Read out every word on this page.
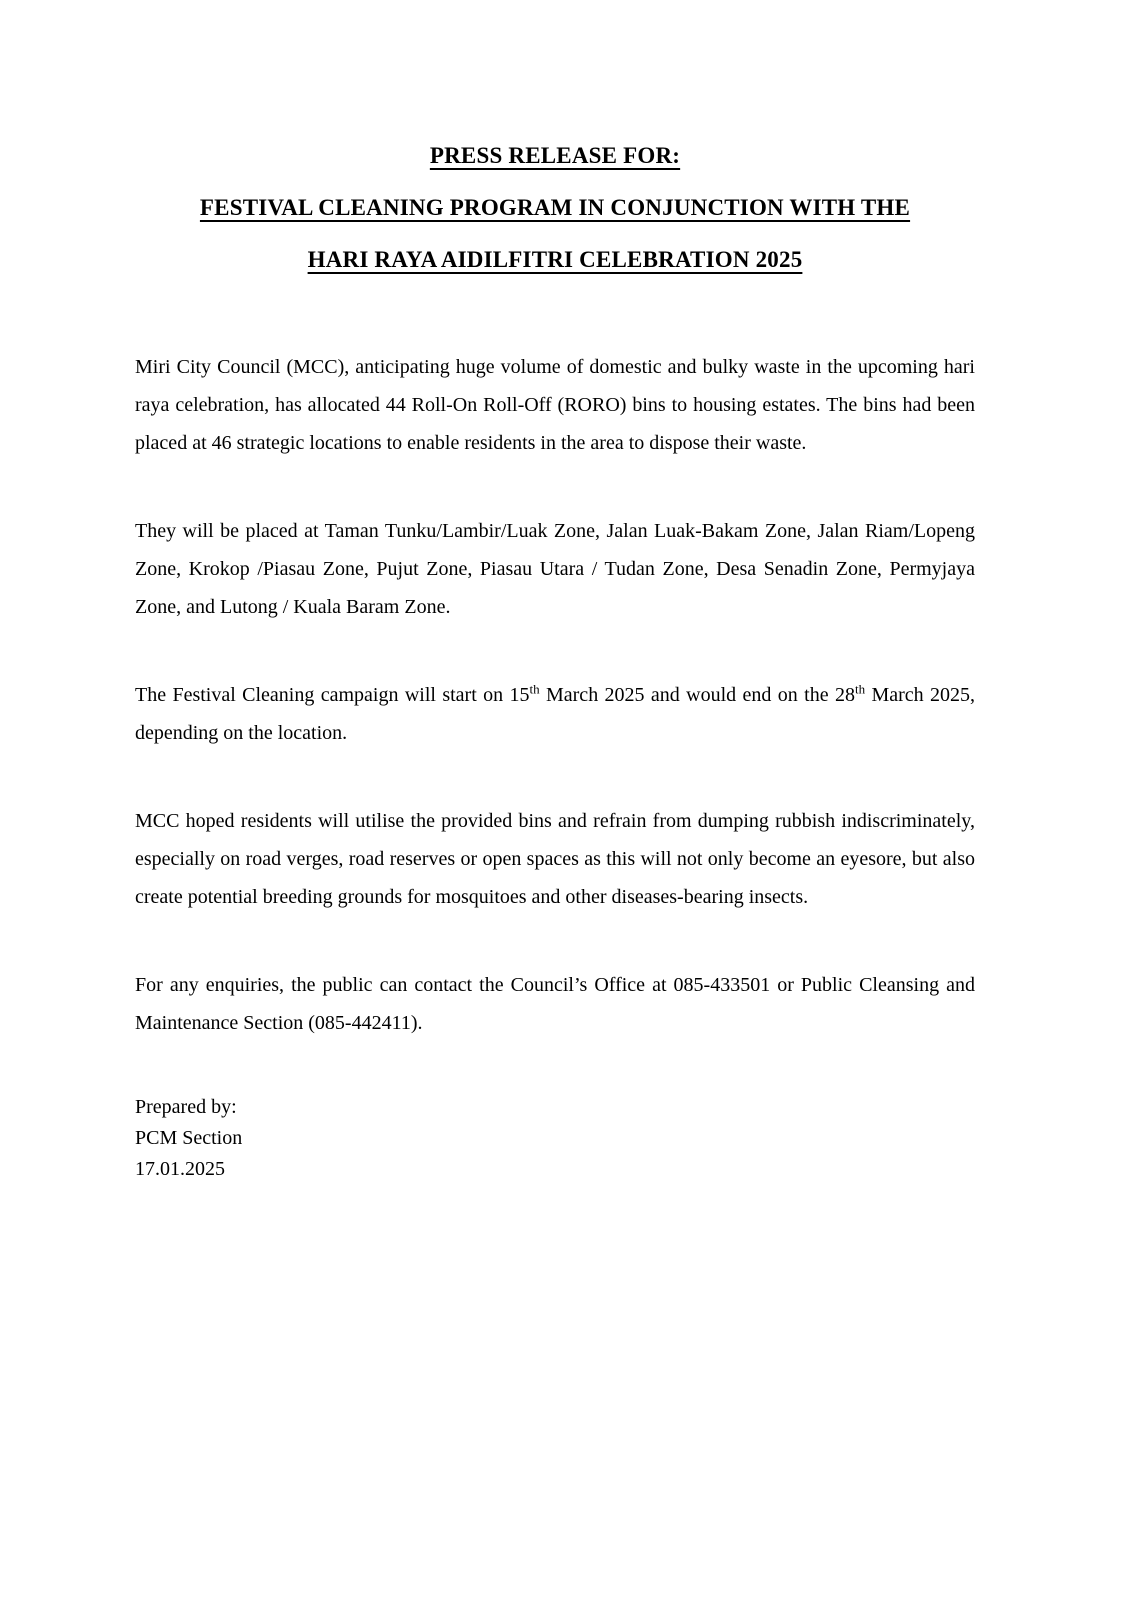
PRESS RELEASE FOR:

FESTIVAL CLEANING PROGRAM IN CONJUNCTION WITH THE

HARI RAYA AIDILFITRI CELEBRATION 2025

Miri City Council (MCC), anticipating huge volume of domestic and bulky waste in the upcoming hari raya celebration, has allocated 44 Roll-On Roll-Off (RORO) bins to housing estates. The bins had been placed at 46 strategic locations to enable residents in the area to dispose their waste.

They will be placed at Taman Tunku/Lambir/Luak Zone, Jalan Luak-Bakam Zone, Jalan Riam/Lopeng Zone, Krokop /Piasau Zone, Pujut Zone, Piasau Utara / Tudan Zone, Desa Senadin Zone, Permyjaya Zone, and Lutong / Kuala Baram Zone.

The Festival Cleaning campaign will start on 15th March 2025 and would end on the 28th March 2025, depending on the location.

MCC hoped residents will utilise the provided bins and refrain from dumping rubbish indiscriminately, especially on road verges, road reserves or open spaces as this will not only become an eyesore, but also create potential breeding grounds for mosquitoes and other diseases-bearing insects.

For any enquiries, the public can contact the Council’s Office at 085-433501 or Public Cleansing and Maintenance Section (085-442411).

Prepared by:

PCM Section

17.01.2025
